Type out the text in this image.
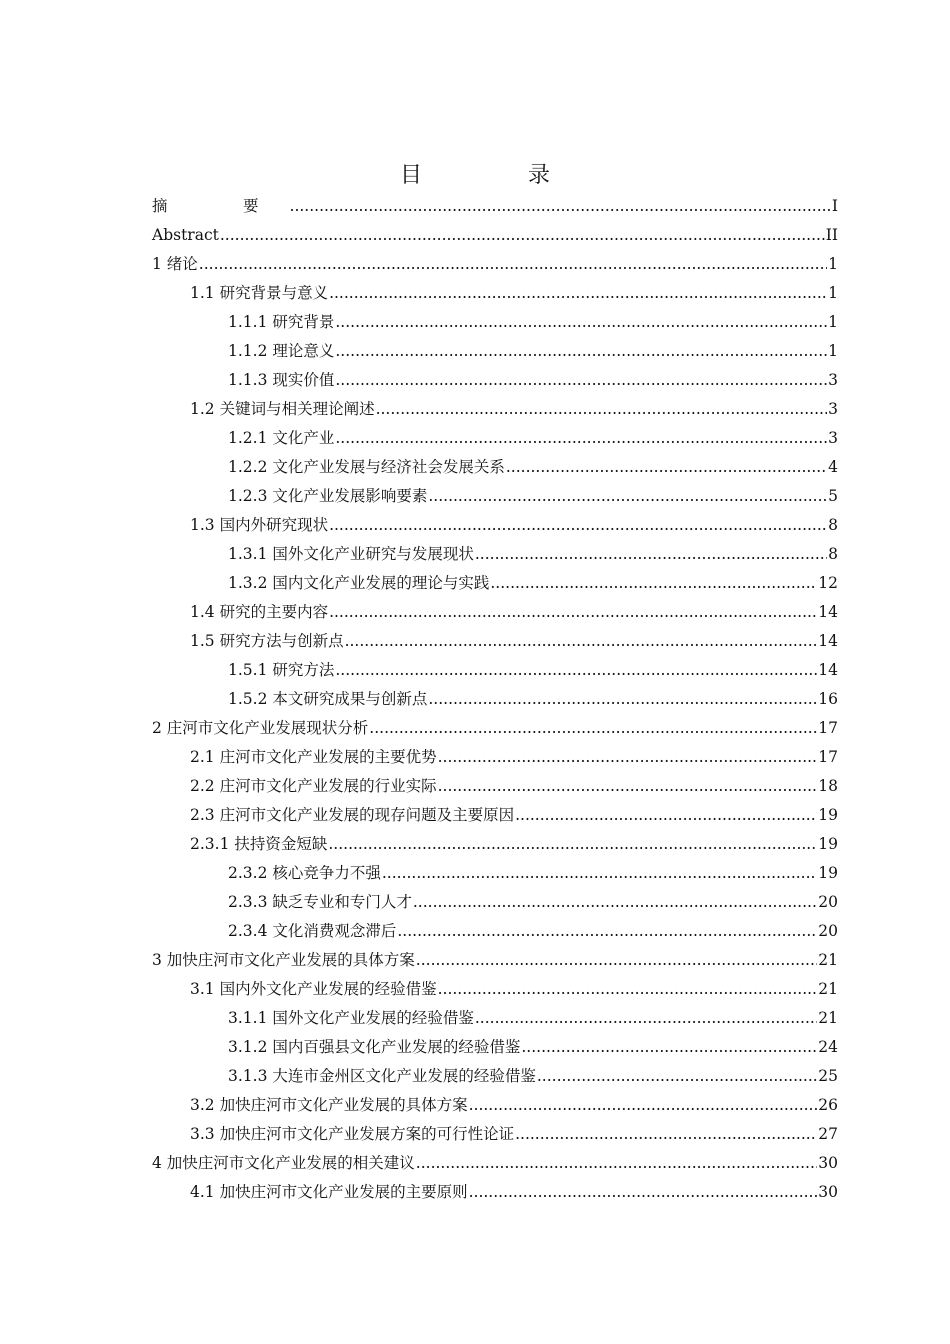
目　录
摘　要 .....	I
Abstract .....	II
1 绪论 .....	1
1.1 研究背景与意义 .....	1
1.1.1 研究背景 .....	1
1.1.2 理论意义 .....	1
1.1.3 现实价值 .....	3
1.2 关键词与相关理论阐述 .....	3
1.2.1 文化产业 .....	3
1.2.2 文化产业发展与经济社会发展关系 .....	4
1.2.3 文化产业发展影响要素 .....	5
1.3 国内外研究现状 .....	8
1.3.1 国外文化产业研究与发展现状 .....	8
1.3.2 国内文化产业发展的理论与实践 .....	12
1.4 研究的主要内容 .....	14
1.5 研究方法与创新点 .....	14
1.5.1 研究方法 .....	14
1.5.2 本文研究成果与创新点 .....	16
2 庄河市文化产业发展现状分析 .....	17
2.1 庄河市文化产业发展的主要优势 .....	17
2.2 庄河市文化产业发展的行业实际 .....	18
2.3 庄河市文化产业发展的现存问题及主要原因 .....	19
2.3.1 扶持资金短缺 .....	19
2.3.2 核心竞争力不强 .....	19
2.3.3 缺乏专业和专门人才 .....	20
2.3.4 文化消费观念滞后 .....	20
3 加快庄河市文化产业发展的具体方案 .....	21
3.1 国内外文化产业发展的经验借鉴 .....	21
3.1.1 国外文化产业发展的经验借鉴 .....	21
3.1.2 国内百强县文化产业发展的经验借鉴 .....	24
3.1.3 大连市金州区文化产业发展的经验借鉴 .....	25
3.2 加快庄河市文化产业发展的具体方案 .....	26
3.3 加快庄河市文化产业发展方案的可行性论证 .....	27
4 加快庄河市文化产业发展的相关建议 .....	30
4.1 加快庄河市文化产业发展的主要原则 .....	30
